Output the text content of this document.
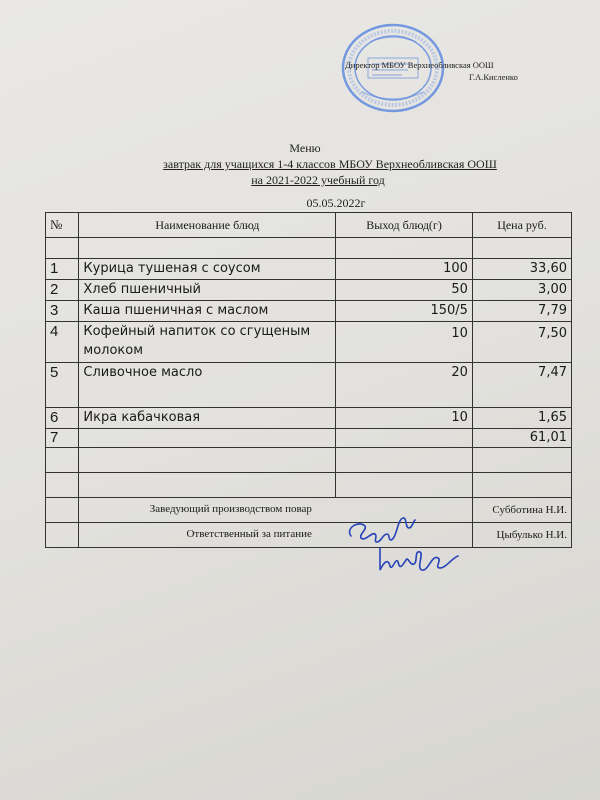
Директор МБОУ Верхнеобливская ООШ
Г.А.Кисленко
Меню
завтрак для учащихся 1-4 классов МБОУ Верхнеобливская ООШ
на 2021-2022 учебный год
05.05.2022г
№	Наименование блюд	Выход блюд(г)	Цена руб.

1	Курица тушеная с соусом	100	33,60
2	Хлеб пшеничный	50	3,00
3	Каша пшеничная с маслом	150/5	7,79
4	Кофейный напиток со сгущеным молоком	10	7,50
5	Сливочное масло	20	7,47
6	Икра кабачковая	10	1,65
7			61,01

	Заведующий производством повар		Субботина Н.И.

	Ответственный за питание		Цыбулько Н.И.
